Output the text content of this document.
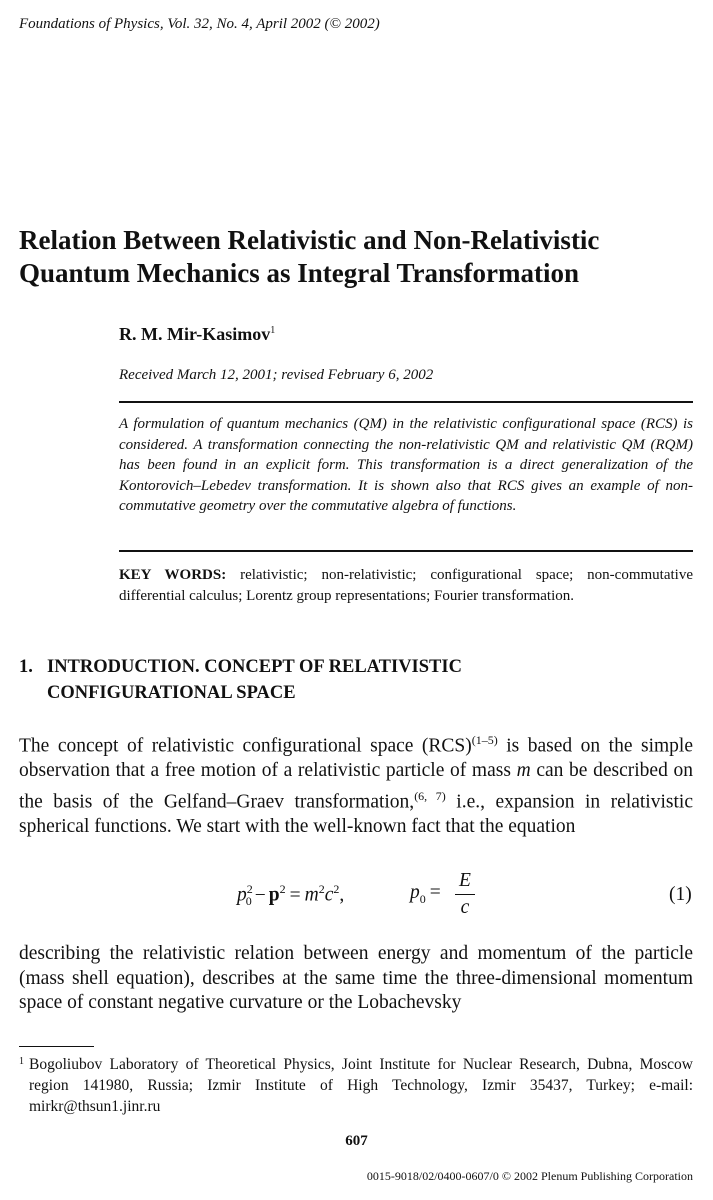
Foundations of Physics, Vol. 32, No. 4, April 2002 (© 2002)
Relation Between Relativistic and Non-Relativistic
Quantum Mechanics as Integral Transformation
R. M. Mir-Kasimov$^1$
Received March 12, 2001; revised February 6, 2002
A formulation of quantum mechanics (QM) in the relativistic configurational space (RCS) is considered. A transformation connecting the non-relativistic QM and relativistic QM (RQM) has been found in an explicit form. This transformation is a direct generalization of the Kontorovich–Lebedev transformation. It is shown also that RCS gives an example of non-commutative geometry over the commutative algebra of functions.
KEY WORDS: relativistic; non-relativistic; configurational space; non-commutative differential calculus; Lorentz group representations; Fourier transformation.
1. INTRODUCTION. CONCEPT OF RELATIVISTIC
CONFIGURATIONAL SPACE
The concept of relativistic configurational space (RCS)$^{(1-5)}$ is based on the simple observation that a free motion of a relativistic particle of mass m can be described on the basis of the Gelfand–Graev transformation,$^{(6, 7)}$ i.e., expansion in relativistic spherical functions. We start with the well-known fact that the equation
$p^2_0 - p^2 = m^2c^2$,	$p_0$ =
E
c
(1)
describing the relativistic relation between energy and momentum of the particle (mass shell equation), describes at the same time the three-dimensional momentum space of constant negative curvature or the Lobachevsky
1 Bogoliubov Laboratory of Theoretical Physics, Joint Institute for Nuclear Research, Dubna, Moscow region 141980, Russia; Izmir Institute of High Technology, Izmir 35437, Turkey; e-mail: mirkr@thsun1.jinr.ru
607
0015-9018/02/0400-0607/0 © 2002 Plenum Publishing Corporation
